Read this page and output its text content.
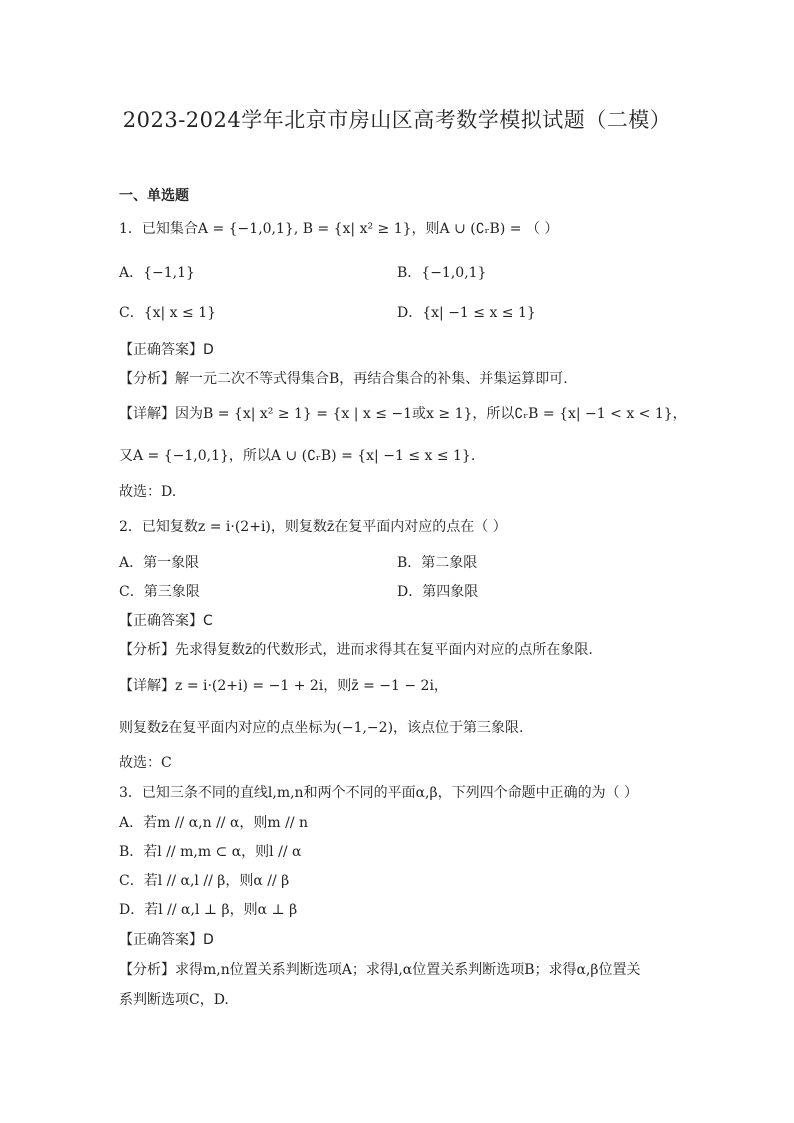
2023-2024学年北京市房山区高考数学模拟试题（二模）
一、单选题
1．已知集合A = {−1,0,1}, B = {x| x² ≥ 1}，则A ∪ (∁ᵣB) = （ ）
A．{−1,1}	B．{−1,0,1}
C．{x| x ≤ 1}	D．{x| −1 ≤ x ≤ 1}
【正确答案】D
【分析】解一元二次不等式得集合B，再结合集合的补集、并集运算即可.
【详解】因为B = {x| x² ≥ 1} = {x | x ≤ −1或x ≥ 1}，所以∁ᵣB = {x| −1 < x < 1}，
又A = {−1,0,1}，所以A ∪ (∁ᵣB) = {x| −1 ≤ x ≤ 1}.
故选：D.
2．已知复数z = i·(2+i)，则复数z̄在复平面内对应的点在（ ）
A．第一象限	B．第二象限
C．第三象限	D．第四象限
【正确答案】C
【分析】先求得复数z̄的代数形式，进而求得其在复平面内对应的点所在象限.
【详解】z = i·(2+i) = −1 + 2i，则z̄ = −1 − 2i，
则复数z̄在复平面内对应的点坐标为(−1,−2)，该点位于第三象限.
故选：C
3．已知三条不同的直线l,m,n和两个不同的平面α,β，下列四个命题中正确的为（ ）
A．若m // α,n // α，则m // n
B．若l // m,m ⊂ α，则l // α
C．若l // α,l // β，则α // β
D．若l // α,l ⊥ β，则α ⊥ β
【正确答案】D
【分析】求得m,n位置关系判断选项A；求得l,α位置关系判断选项B；求得α,β位置关
系判断选项C，D.
